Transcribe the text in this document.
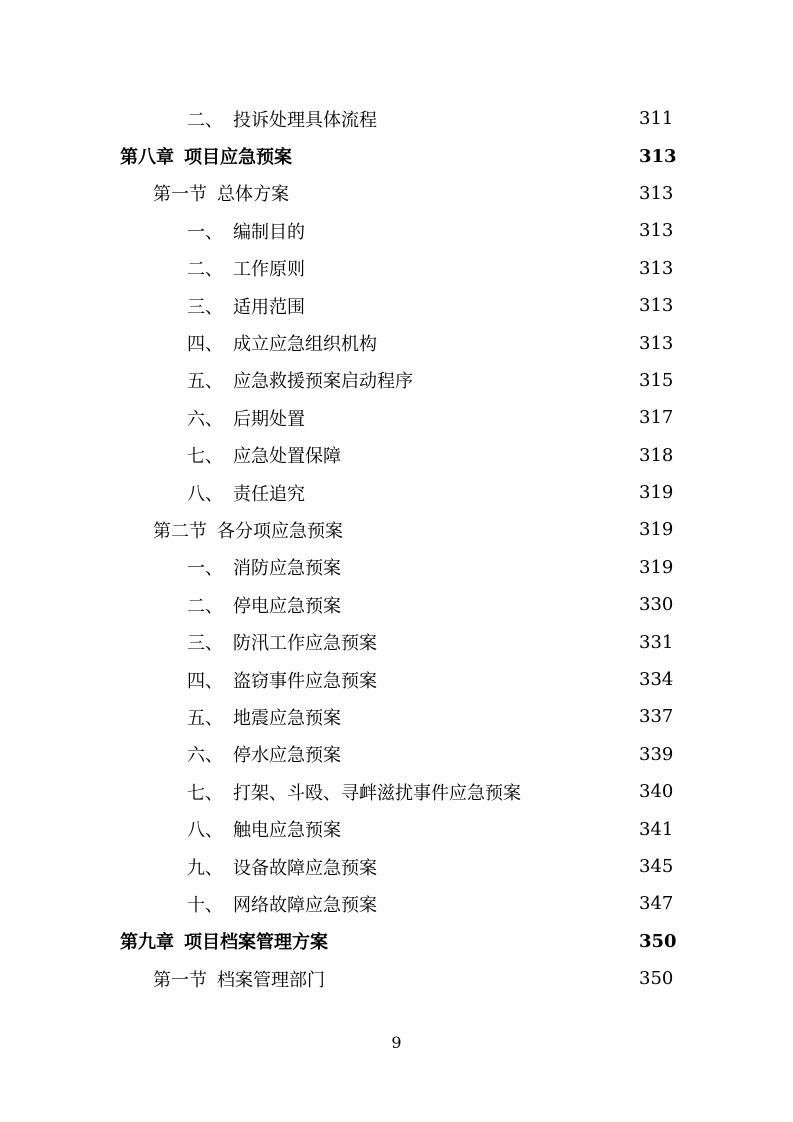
二、 投诉处理具体流程	311
第八章 项目应急预案	313
第一节 总体方案	313
一、 编制目的	313
二、 工作原则	313
三、 适用范围	313
四、 成立应急组织机构	313
五、 应急救援预案启动程序	315
六、 后期处置	317
七、 应急处置保障	318
八、 责任追究	319
第二节 各分项应急预案	319
一、 消防应急预案	319
二、 停电应急预案	330
三、 防汛工作应急预案	331
四、 盗窃事件应急预案	334
五、 地震应急预案	337
六、 停水应急预案	339
七、 打架、斗殴、寻衅滋扰事件应急预案	340
八、 触电应急预案	341
九、 设备故障应急预案	345
十、 网络故障应急预案	347
第九章 项目档案管理方案	350
第一节 档案管理部门	350
9
